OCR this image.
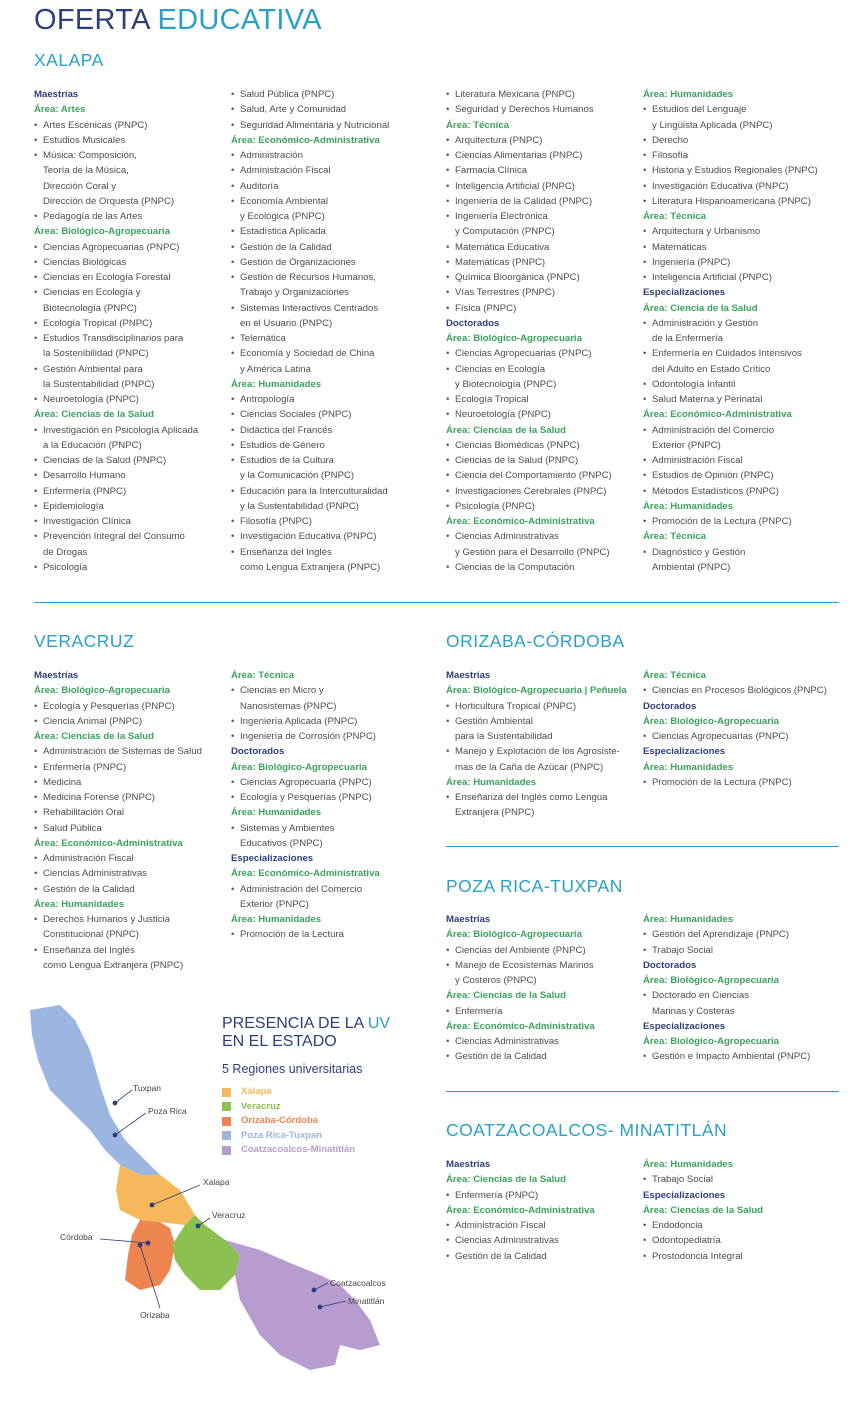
OFERTA EDUCATIVA
XALAPA
Maestrías
Área: Artes
• Artes Escénicas (PNPC)
• Estudios Musicales
• Música: Composición,
Teoría de la Música,
Dirección Coral y
Dirección de Orquesta (PNPC)
• Pedagogía de las Artes
Área: Biológico-Agropecuaria
• Ciencias Agropecuarias (PNPC)
• Ciencias Biológicas
• Ciencias en Ecología Forestal
• Ciencias en Ecología y
Biotecnología (PNPC)
• Ecología Tropical (PNPC)
• Estudios Transdisciplinarios para
la Sostenibilidad (PNPC)
• Gestión Ambiental para
la Sustentabilidad (PNPC)
• Neuroetología (PNPC)
Área: Ciencias de la Salud
• Investigación en Psicología Aplicada
a la Educación (PNPC)
• Ciencias de la Salud (PNPC)
• Desarrollo Humano
• Enfermería (PNPC)
• Epidemiología
• Investigación Clínica
• Prevención Integral del Consumo
de Drogas
• Psicología
• Salud Pública (PNPC)
• Salud, Arte y Comunidad
• Seguridad Alimentaria y Nutricional
Área: Económico-Administrativa
• Administración
• Administración Fiscal
• Auditoría
• Economía Ambiental
y Ecológica (PNPC)
• Estadística Aplicada
• Gestión de la Calidad
• Gestión de Organizaciones
• Gestión de Recursos Humanos,
Trabajo y Organizaciones
• Sistemas Interactivos Centrados
en el Usuario (PNPC)
• Telemática
• Economía y Sociedad de China
y América Latina
Área: Humanidades
• Antropología
• Ciencias Sociales (PNPC)
• Didáctica del Francés
• Estudios de Género
• Estudios de la Cultura
y la Comunicación (PNPC)
• Educación para la Interculturalidad
y la Sustentabilidad (PNPC)
• Filosofía (PNPC)
• Investigación Educativa (PNPC)
• Enseñanza del Inglés
como Lengua Extranjera (PNPC)
• Literatura Mexicana (PNPC)
• Seguridad y Derechos Humanos
Área: Técnica
• Arquitectura (PNPC)
• Ciencias Alimentarias (PNPC)
• Farmacia Clínica
• Inteligencia Artificial (PNPC)
• Ingeniería de la Calidad (PNPC)
• Ingeniería Electrónica
y Computación (PNPC)
• Matemática Educativa
• Matemáticas (PNPC)
• Química Bioorgánica (PNPC)
• Vías Terrestres (PNPC)
• Física (PNPC)
Doctorados
Área: Biológico-Agropecuaria
• Ciencias Agropecuarias (PNPC)
• Ciencias en Ecología
y Biotecnología (PNPC)
• Ecología Tropical
• Neuroetología (PNPC)
Área: Ciencias de la Salud
• Ciencias Biomédicas (PNPC)
• Ciencias de la Salud (PNPC)
• Ciencia del Comportamiento (PNPC)
• Investigaciones Cerebrales (PNPC)
• Psicología (PNPC)
Área: Económico-Administrativa
• Ciencias Administrativas
y Gestión para el Desarrollo (PNPC)
• Ciencias de la Computación
Área: Humanidades
• Estudios del Lenguaje
y Lingüista Aplicada (PNPC)
• Derecho
• Filosofía
• Historia y Estudios Regionales (PNPC)
• Investigación Educativa (PNPC)
• Literatura Hispanoamericana (PNPC)
Área: Técnica
• Arquitectura y Urbanismo
• Matemáticas
• Ingeniería (PNPC)
• Inteligencia Artificial (PNPC)
Especializaciones
Área: Ciencia de la Salud
• Administración y Gestión
de la Enfermería
• Enfermería en Cuidados Intensivos
del Adulto en Estado Crítico
• Odontología Infantil
• Salud Materna y Perinatal
Área: Económico-Administrativa
• Administración del Comercio
Exterior (PNPC)
• Administración Fiscal
• Estudios de Opinión (PNPC)
• Métodos Estadísticos (PNPC)
Área: Humanidades
• Promoción de la Lectura (PNPC)
Área: Técnica
• Diagnóstico y Gestión
Ambiental (PNPC)
VERACRUZ
Maestrías
Área: Biológico-Agropecuaria
• Ecología y Pesquerías (PNPC)
• Ciencia Animal (PNPC)
Área: Ciencias de la Salud
• Administración de Sistemas de Salud
• Enfermería (PNPC)
• Medicina
• Medicina Forense (PNPC)
• Rehabilitación Oral
• Salud Pública
Área: Económico-Administrativa
• Administración Fiscal
• Ciencias Administrativas
• Gestión de la Calidad
Área: Humanidades
• Derechos Humanos y Justicia
Constitucional (PNPC)
• Enseñanza del Inglés
como Lengua Extranjera (PNPC)
Área: Técnica
• Ciencias en Micro y
Nanosistemas (PNPC)
• Ingeniería Aplicada (PNPC)
• Ingeniería de Corrosión (PNPC)
Doctorados
Área: Biológico-Agropecuaria
• Ciencias Agropecuaria (PNPC)
• Ecología y Pesquerías (PNPC)
Área: Humanidades
• Sistemas y Ambientes
Educativos (PNPC)
Especializaciones
Área: Económico-Administrativa
• Administración del Comercio
Exterior (PNPC)
Área: Humanidades
• Promoción de la Lectura
ORIZABA-CÓRDOBA
Maestrías
Área: Biológico-Agropecuaria | Peñuela
• Horticultura Tropical (PNPC)
• Gestión Ambiental
para la Sustentabilidad
• Manejo y Explotación de los Agrosiste-
mas de la Caña de Azúcar (PNPC)
Área: Humanidades
• Enseñanza del Inglés como Lengua
Extranjera (PNPC)
Área: Técnica
• Ciencias en Procesos Biológicos (PNPC)
Doctorados
Área: Biológico-Agropecuaria
• Ciencias Agropecuarias (PNPC)
Especializaciones
Área: Humanidades
• Promoción de la Lectura (PNPC)
POZA RICA-TUXPAN
Maestrías
Área: Biológico-Agropecuaria
• Ciencias del Ambiente (PNPC)
• Manejo de Ecosistemas Marinos
y Costeros (PNPC)
Área: Ciencias de la Salud
• Enfermería
Área: Económico-Administrativa
• Ciencias Administrativas
• Gestión de la Calidad
Área: Humanidades
• Gestión del Aprendizaje (PNPC)
• Trabajo Social
Doctorados
Área: Biológico-Agropecuaria
• Doctorado en Ciencias
Marinas y Costeras
Especializaciones
Área: Biológico-Agropecuaria
• Gestión e Impacto Ambiental (PNPC)
COATZACOALCOS- MINATITLÁN
Maestrías
Área: Ciencias de la Salud
• Enfermería (PNPC)
Área: Económico-Administrativa
• Administración Fiscal
• Ciencias Administrativas
• Gestión de la Calidad
Área: Humanidades
• Trabajo Social
Especializaciones
Área: Ciencias de la Salud
• Endodoncia
• Odontopediatría
• Prostodoncia Integral
Tuxpan
Poza Rica
Xalapa
Veracruz
Córdoba
Orizaba
Coatzacoalcos
Minatitlán
PRESENCIA DE LA UV
EN EL ESTADO
5 Regiones universitarias
Xalapa
Veracruz
Orizaba-Córdoba
Poza Rica-Tuxpan
Coatzacoalcos-Minatitlán
